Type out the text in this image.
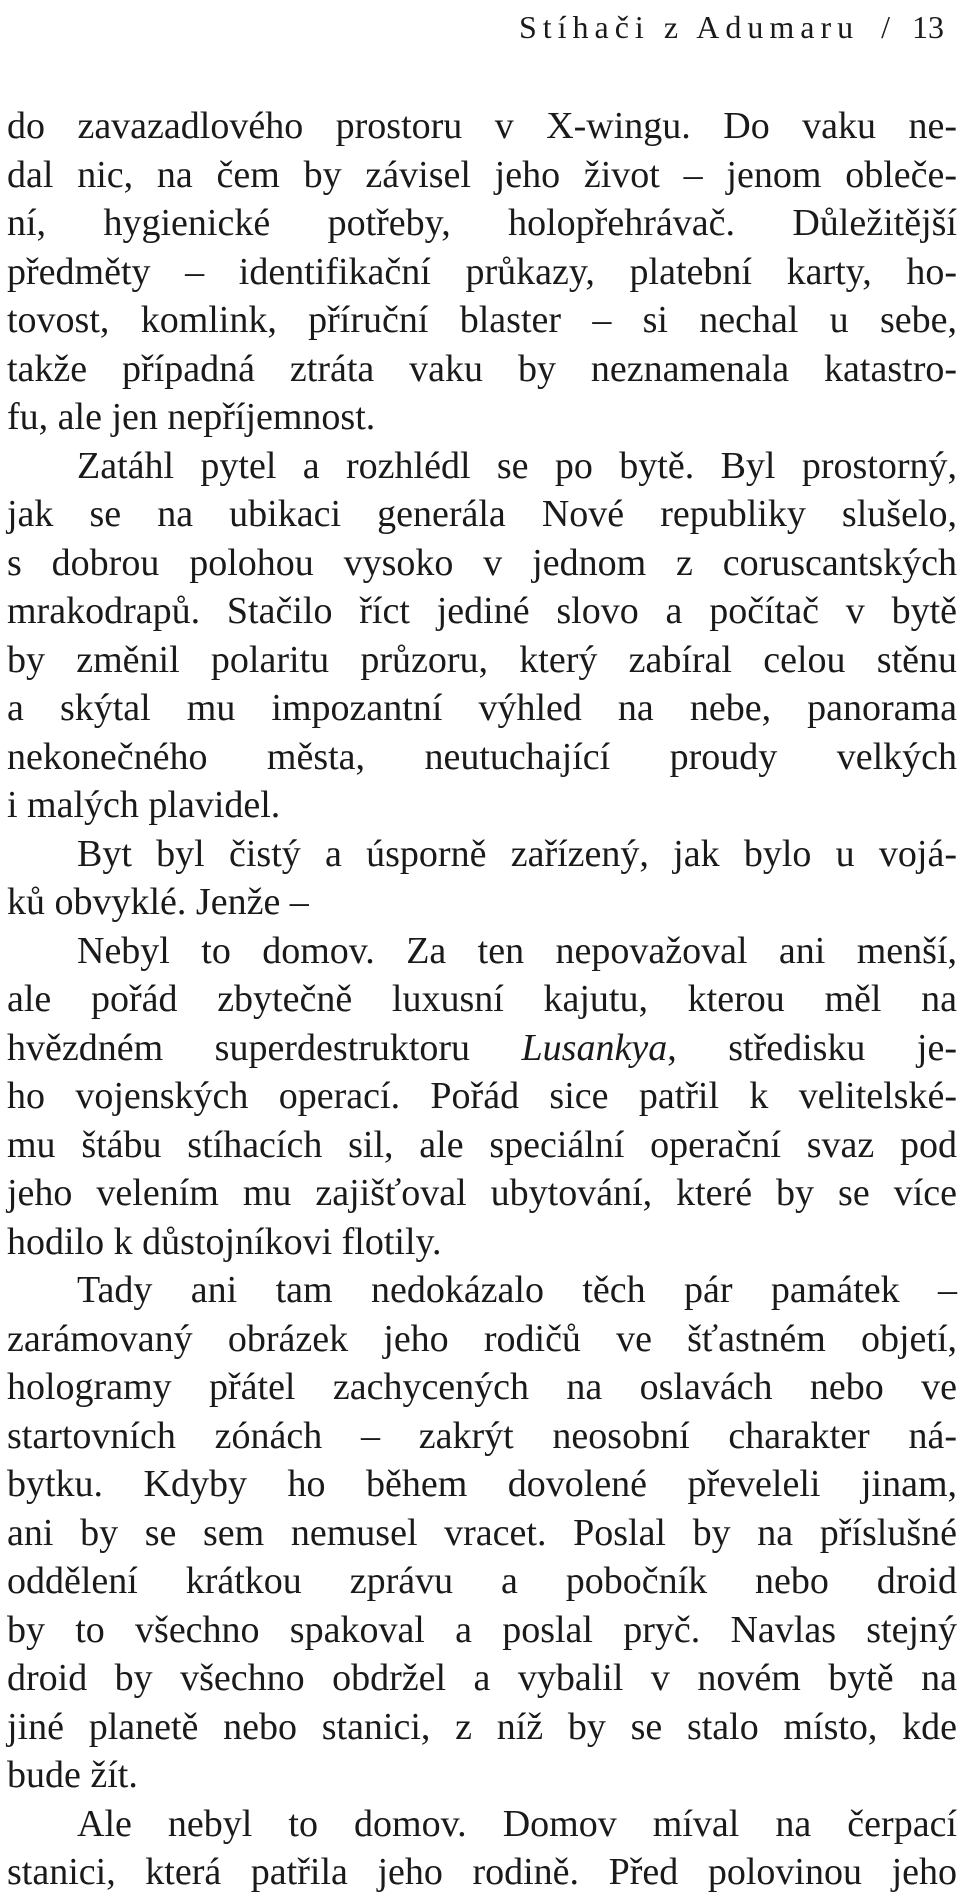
Stíhači z Adumaru / 13
do zavazadlového prostoru v X-wingu. Do vaku ne-
dal nic, na čem by závisel jeho život – jenom obleče-
ní, hygienické potřeby, holopřehrávač. Důležitější
předměty – identifikační průkazy, platební karty, ho-
tovost, komlink, příruční blaster – si nechal u sebe,
takže případná ztráta vaku by neznamenala katastro-
fu, ale jen nepříjemnost.
Zatáhl pytel a rozhlédl se po bytě. Byl prostorný,
jak se na ubikaci generála Nové republiky slušelo,
s dobrou polohou vysoko v jednom z coruscantských
mrakodrapů. Stačilo říct jediné slovo a počítač v bytě
by změnil polaritu průzoru, který zabíral celou stěnu
a skýtal mu impozantní výhled na nebe, panorama
nekonečného města, neutuchající proudy velkých
i malých plavidel.
Byt byl čistý a úsporně zařízený, jak bylo u vojá-
ků obvyklé. Jenže –
Nebyl to domov. Za ten nepovažoval ani menší,
ale pořád zbytečně luxusní kajutu, kterou měl na
hvězdném superdestruktoru Lusankya, středisku je-
ho vojenských operací. Pořád sice patřil k velitelské-
mu štábu stíhacích sil, ale speciální operační svaz pod
jeho velením mu zajišťoval ubytování, které by se více
hodilo k důstojníkovi flotily.
Tady ani tam nedokázalo těch pár památek –
zarámovaný obrázek jeho rodičů ve šťastném objetí,
hologramy přátel zachycených na oslavách nebo ve
startovních zónách – zakrýt neosobní charakter ná-
bytku. Kdyby ho během dovolené převeleli jinam,
ani by se sem nemusel vracet. Poslal by na příslušné
oddělení krátkou zprávu a pobočník nebo droid
by to všechno spakoval a poslal pryč. Navlas stejný
droid by všechno obdržel a vybalil v novém bytě na
jiné planetě nebo stanici, z níž by se stalo místo, kde
bude žít.
Ale nebyl to domov. Domov míval na čerpací
stanici, která patřila jeho rodině. Před polovinou jeho
